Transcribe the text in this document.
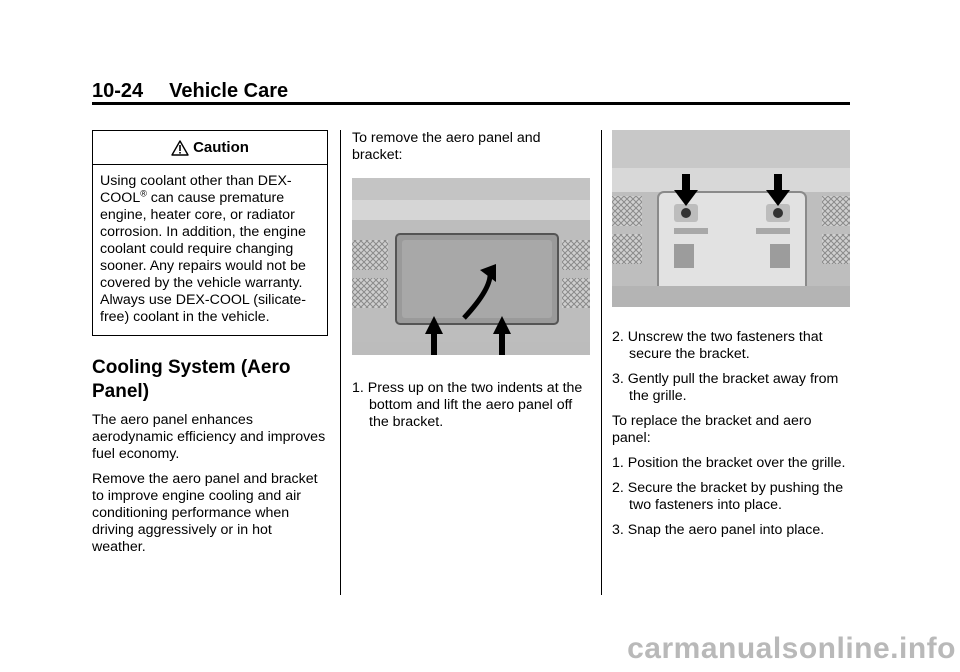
10-24 Vehicle Care
Caution
Using coolant other than DEX-COOL® can cause premature engine, heater core, or radiator corrosion. In addition, the engine coolant could require changing sooner. Any repairs would not be covered by the vehicle warranty. Always use DEX-COOL (silicate-free) coolant in the vehicle.
Cooling System (Aero Panel)

The aero panel enhances aerodynamic efficiency and improves fuel economy.

Remove the aero panel and bracket to improve engine cooling and air conditioning performance when driving aggressively or in hot weather.

To remove the aero panel and bracket:

1. Press up on the two indents at the bottom and lift the aero panel off the bracket.

2. Unscrew the two fasteners that secure the bracket.

3. Gently pull the bracket away from the grille.

To replace the bracket and aero panel:

1. Position the bracket over the grille.

2. Secure the bracket by pushing the two fasteners into place.

3. Snap the aero panel into place.

carmanualsonline.info
